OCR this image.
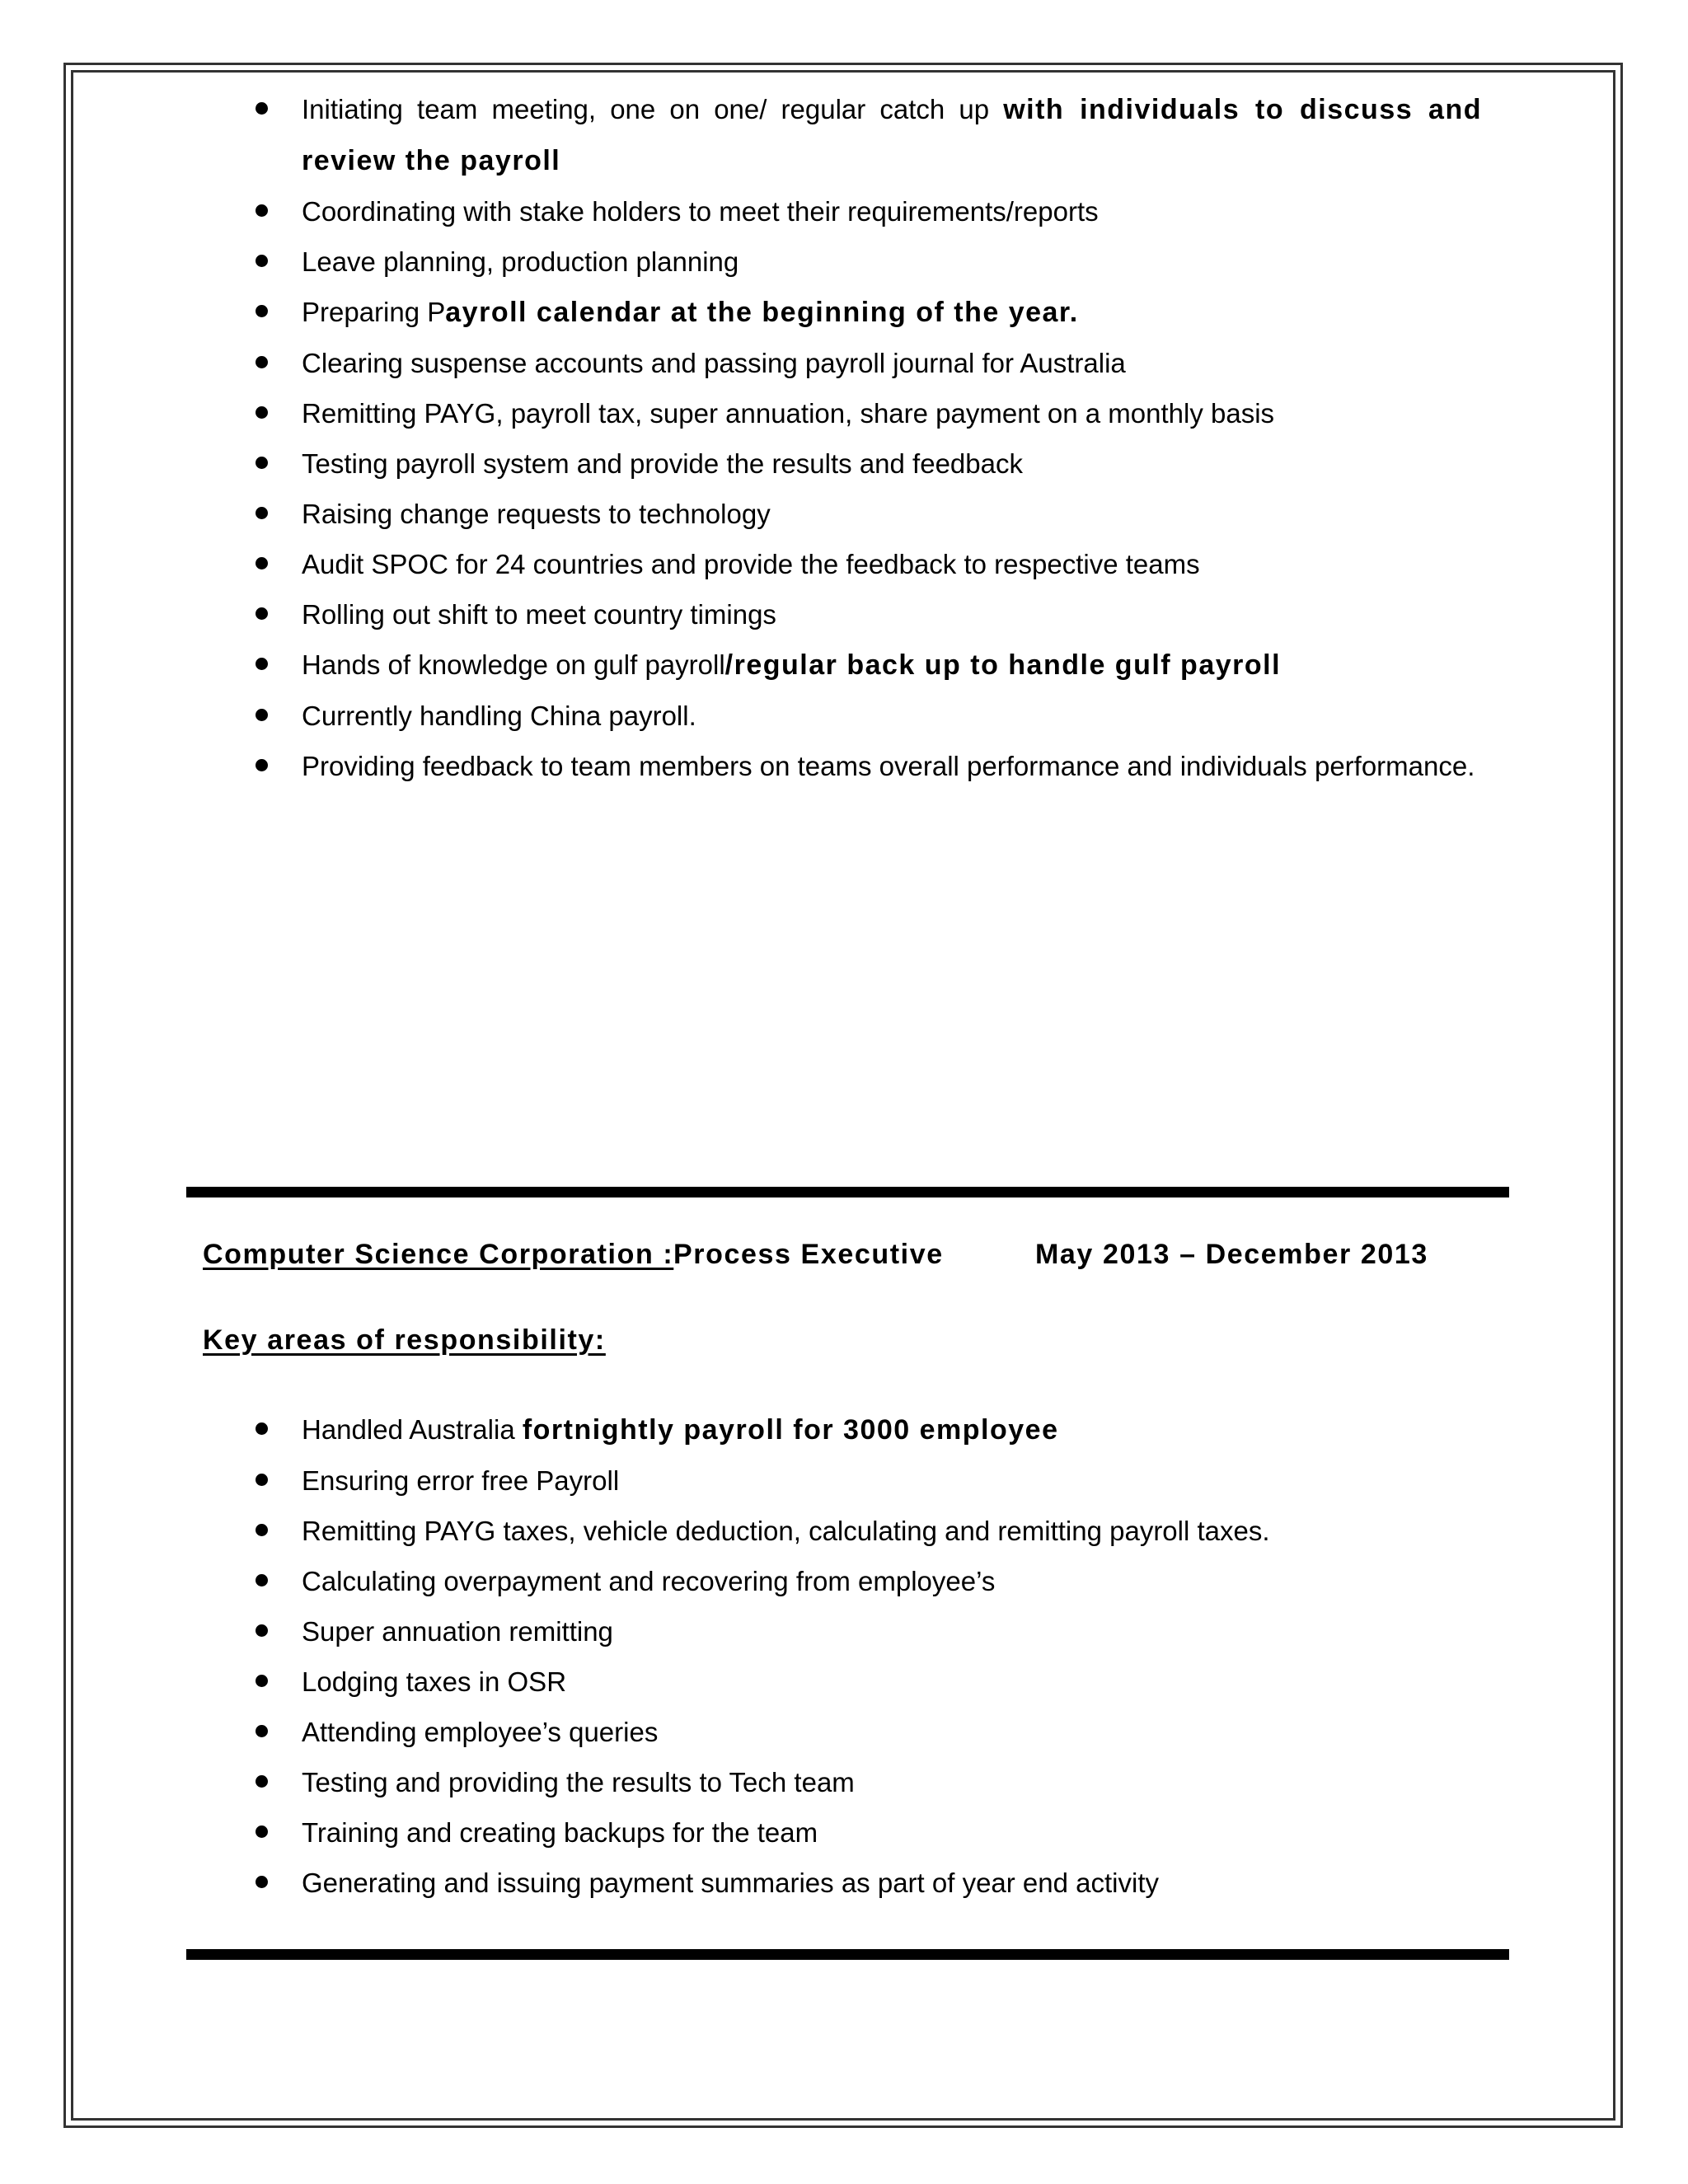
Initiating team meeting, one on one/ regular catch up with individuals to discuss and review the payroll
Coordinating with stake holders to meet their requirements/reports
Leave planning, production planning
Preparing Payroll calendar at the beginning of the year.
Clearing suspense accounts and passing payroll journal for Australia
Remitting PAYG, payroll tax, super annuation, share payment on a monthly basis
Testing payroll system and provide the results and feedback
Raising change requests to technology
Audit SPOC for 24 countries and provide the feedback to respective teams
Rolling out shift to meet country timings
Hands of knowledge on gulf payroll/regular back up to handle gulf payroll
Currently handling China payroll.
Providing feedback to team members on teams overall performance and individuals performance.
Computer Science Corporation : Process Executive	May 2013 – December 2013
Key areas of responsibility:
Handled Australia fortnightly payroll for 3000 employee
Ensuring error free Payroll
Remitting PAYG taxes, vehicle deduction, calculating and remitting payroll taxes.
Calculating overpayment and recovering from employee’s
Super annuation remitting
Lodging taxes in OSR
Attending employee’s queries
Testing and providing the results to Tech team
Training and creating backups for the team
Generating and issuing payment summaries as part of year end activity
